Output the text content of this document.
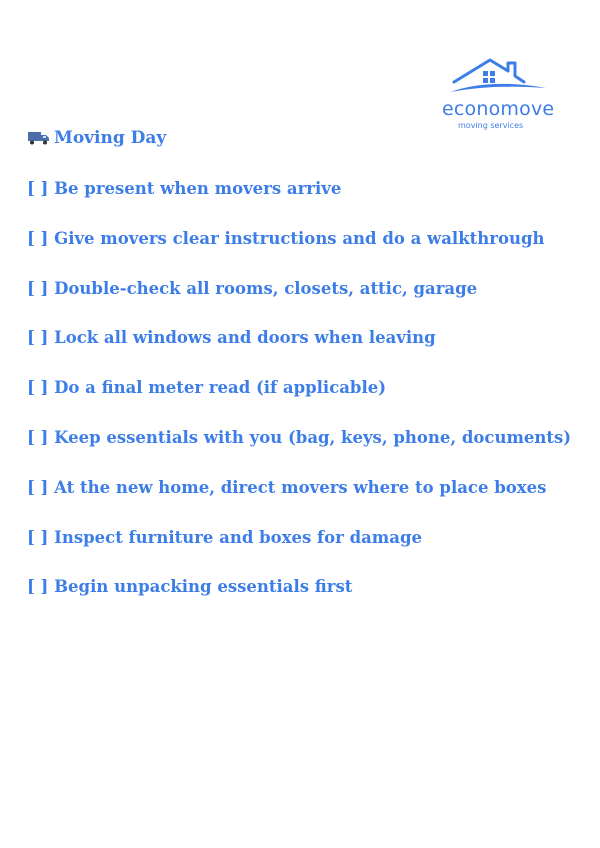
economove
moving services
Moving Day
[ ] Be present when movers arrive
[ ] Give movers clear instructions and do a walkthrough
[ ] Double-check all rooms, closets, attic, garage
[ ] Lock all windows and doors when leaving
[ ] Do a final meter read (if applicable)
[ ] Keep essentials with you (bag, keys, phone, documents)
[ ] At the new home, direct movers where to place boxes
[ ] Inspect furniture and boxes for damage
[ ] Begin unpacking essentials first
